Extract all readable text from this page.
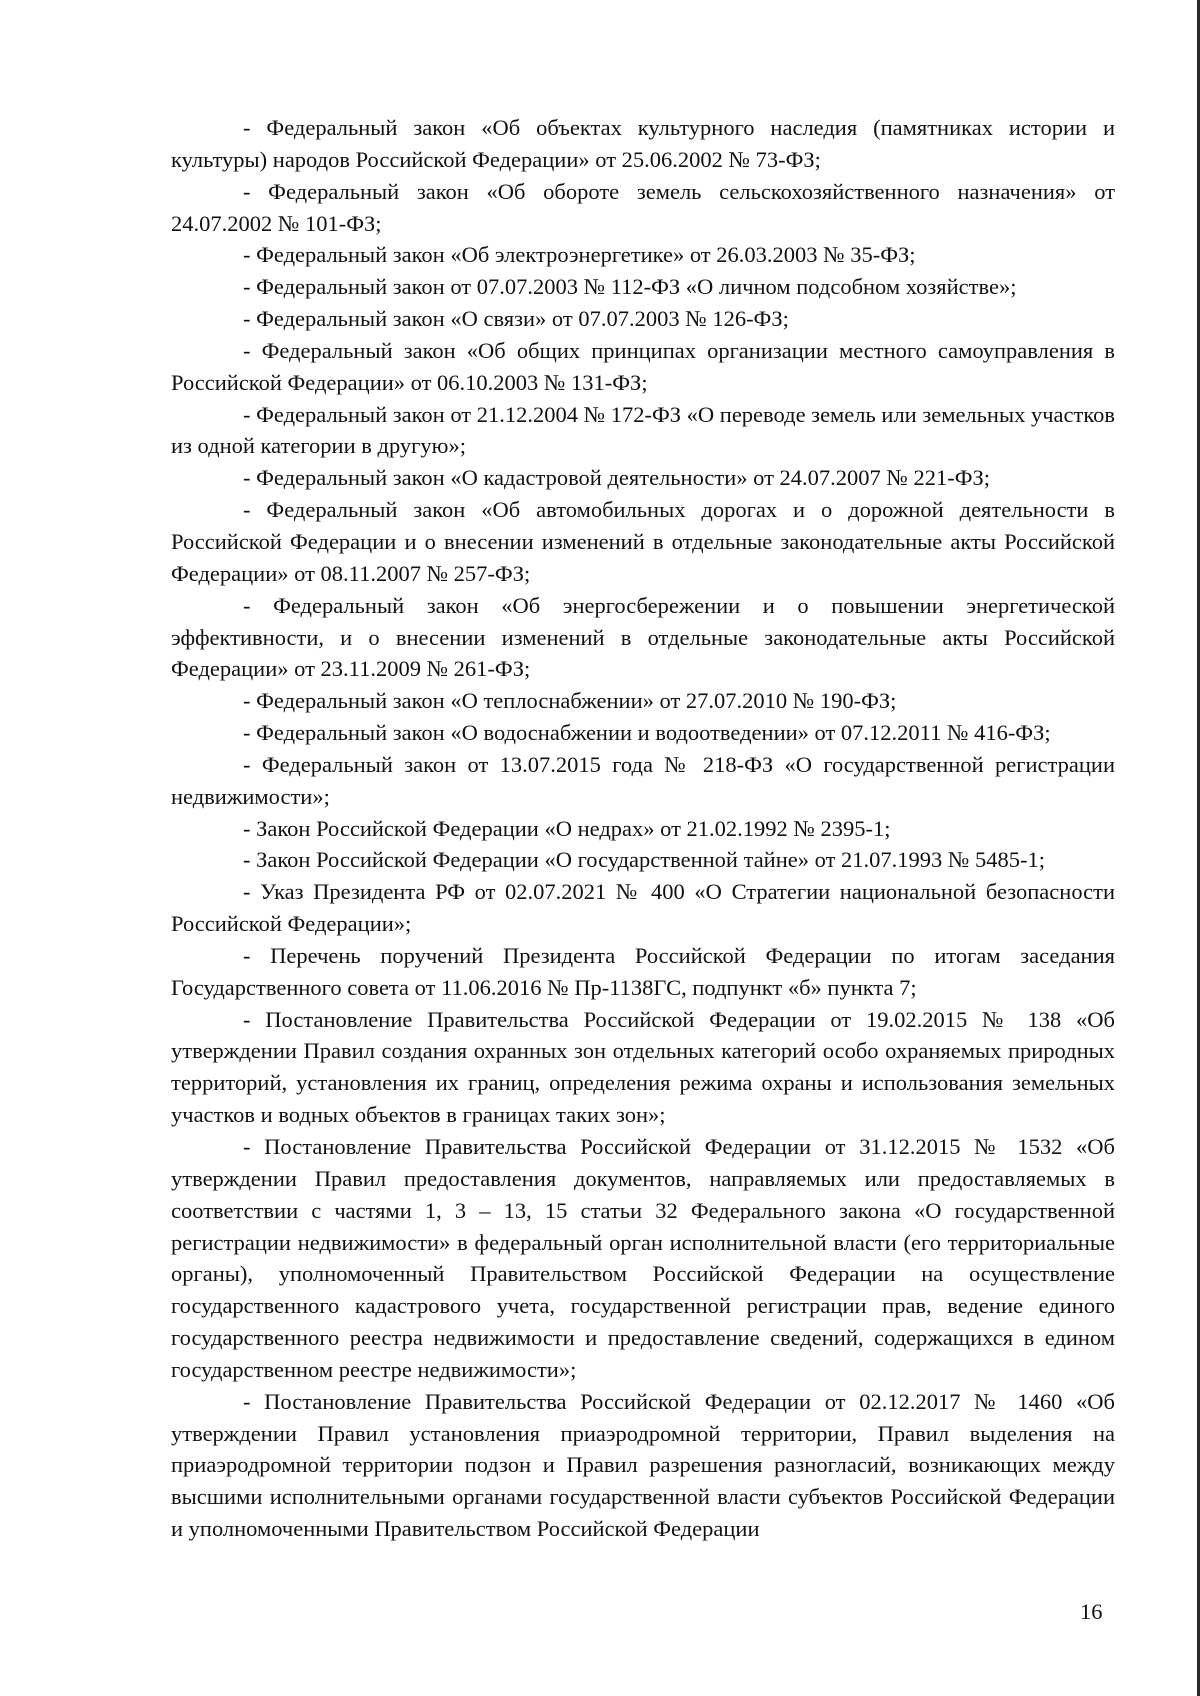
- Федеральный закон «Об объектах культурного наследия (памятниках истории и культуры) народов Российской Федерации» от 25.06.2002 № 73-ФЗ;

- Федеральный закон «Об обороте земель сельскохозяйственного назначения» от 24.07.2002 № 101-ФЗ;

- Федеральный закон «Об электроэнергетике» от 26.03.2003 № 35-ФЗ;

- Федеральный закон от 07.07.2003 № 112-ФЗ «О личном подсобном хозяйстве»;

- Федеральный закон «О связи» от 07.07.2003 № 126-ФЗ;

- Федеральный закон «Об общих принципах организации местного самоуправления в Российской Федерации» от 06.10.2003 № 131-ФЗ;

- Федеральный закон от 21.12.2004 № 172-ФЗ «О переводе земель или земельных участков из одной категории в другую»;

- Федеральный закон «О кадастровой деятельности» от 24.07.2007 № 221-ФЗ;

- Федеральный закон «Об автомобильных дорогах и о дорожной деятельности в Российской Федерации и о внесении изменений в отдельные законодательные акты Российской Федерации» от 08.11.2007 № 257-ФЗ;

- Федеральный закон «Об энергосбережении и о повышении энергетической эффективности, и о внесении изменений в отдельные законодательные акты Российской Федерации» от 23.11.2009 № 261-ФЗ;

- Федеральный закон «О теплоснабжении» от 27.07.2010 № 190-ФЗ;

- Федеральный закон «О водоснабжении и водоотведении» от 07.12.2011 № 416-ФЗ;

- Федеральный закон от 13.07.2015 года № 218-ФЗ «О государственной регистрации недвижимости»;

- Закон Российской Федерации «О недрах» от 21.02.1992 № 2395-1;

- Закон Российской Федерации «О государственной тайне» от 21.07.1993 № 5485-1;

- Указ Президента РФ от 02.07.2021 № 400 «О Стратегии национальной безопасности Российской Федерации»;

- Перечень поручений Президента Российской Федерации по итогам заседания Государственного совета от 11.06.2016 № Пр-1138ГС, подпункт «б» пункта 7;

- Постановление Правительства Российской Федерации от 19.02.2015 № 138 «Об утверждении Правил создания охранных зон отдельных категорий особо охраняемых природных территорий, установления их границ, определения режима охраны и использования земельных участков и водных объектов в границах таких зон»;

- Постановление Правительства Российской Федерации от 31.12.2015 № 1532 «Об утверждении Правил предоставления документов, направляемых или предоставляемых в соответствии с частями 1, 3 – 13, 15 статьи 32 Федерального закона «О государственной регистрации недвижимости» в федеральный орган исполнительной власти (его территориальные органы), уполномоченный Правительством Российской Федерации на осуществление государственного кадастрового учета, государственной регистрации прав, ведение единого государственного реестра недвижимости и предоставление сведений, содержащихся в едином государственном реестре недвижимости»;

- Постановление Правительства Российской Федерации от 02.12.2017 № 1460 «Об утверждении Правил установления приаэродромной территории, Правил выделения на приаэродромной территории подзон и Правил разрешения разногласий, возникающих между высшими исполнительными органами государственной власти субъектов Российской Федерации и уполномоченными Правительством Российской Федерации

16
